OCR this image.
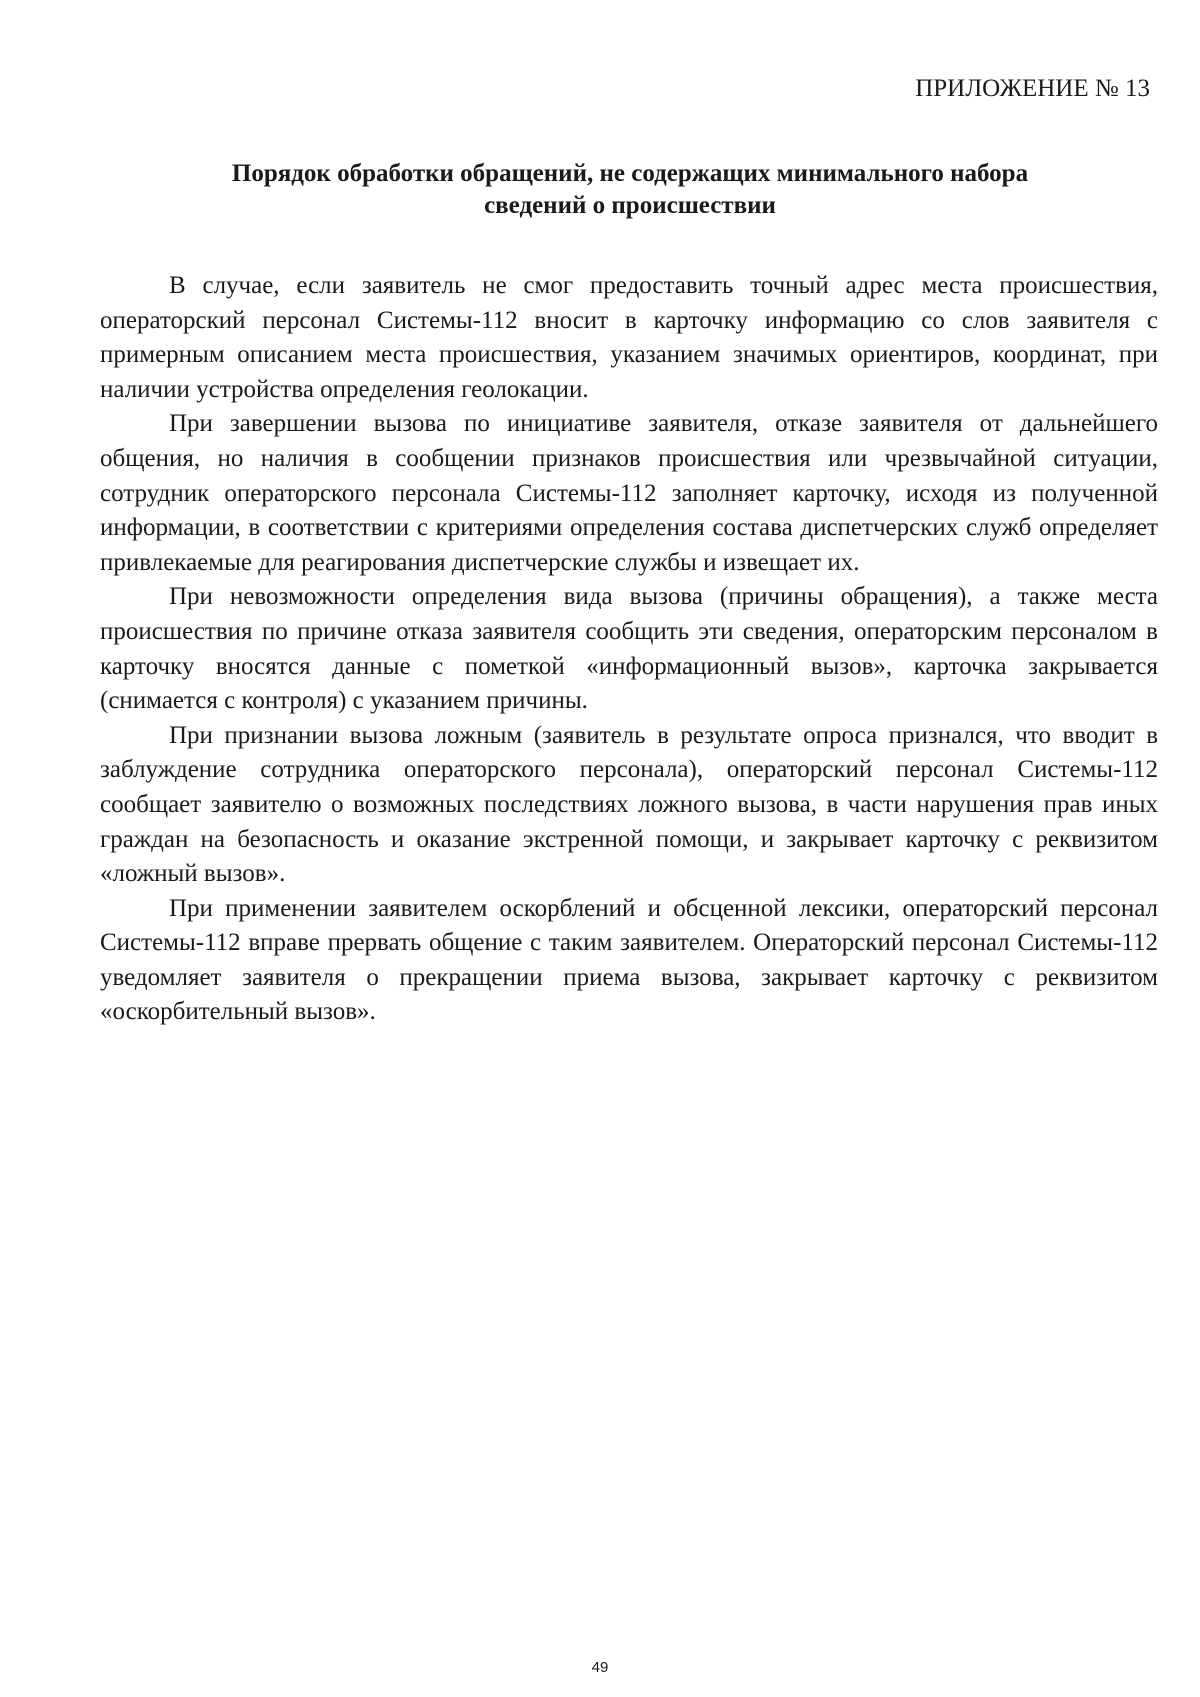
ПРИЛОЖЕНИЕ № 13
Порядок обработки обращений, не содержащих минимального набора
сведений о происшествии

В случае, если заявитель не смог предоставить точный адрес места происшествия, операторский персонал Системы-112 вносит в карточку информацию со слов заявителя с примерным описанием места происшествия, указанием значимых ориентиров, координат, при наличии устройства определения геолокации.

При завершении вызова по инициативе заявителя, отказе заявителя от дальнейшего общения, но наличия в сообщении признаков происшествия или чрезвычайной ситуации, сотрудник операторского персонала Системы-112 заполняет карточку, исходя из полученной информации, в соответствии с критериями определения состава диспетчерских служб определяет привлекаемые для реагирования диспетчерские службы и извещает их.

При невозможности определения вида вызова (причины обращения), а также места происшествия по причине отказа заявителя сообщить эти сведения, операторским персоналом в карточку вносятся данные с пометкой «информационный вызов», карточка закрывается (снимается с контроля) с указанием причины.

При признании вызова ложным (заявитель в результате опроса признался, что вводит в заблуждение сотрудника операторского персонала), операторский персонал Системы-112 сообщает заявителю о возможных последствиях ложного вызова, в части нарушения прав иных граждан на безопасность и оказание экстренной помощи, и закрывает карточку с реквизитом «ложный вызов».

При применении заявителем оскорблений и обсценной лексики, операторский персонал Системы-112 вправе прервать общение с таким заявителем. Операторский персонал Системы-112 уведомляет заявителя о прекращении приема вызова, закрывает карточку с реквизитом «оскорбительный вызов».

49
